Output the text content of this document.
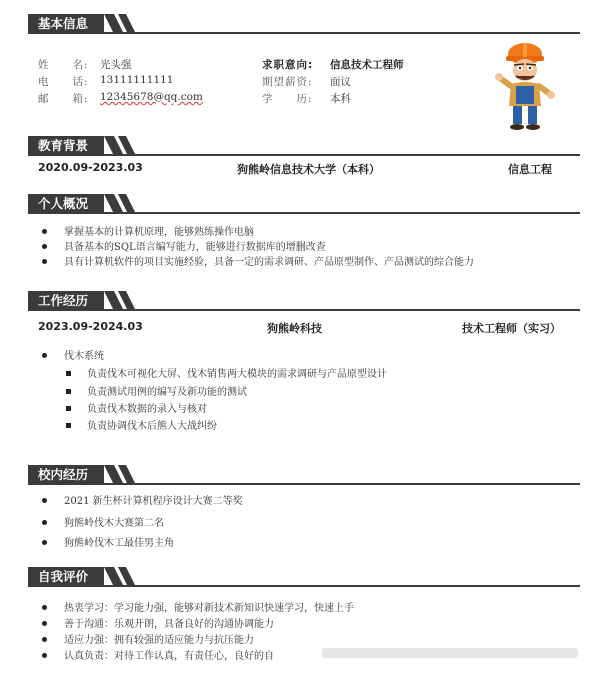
基本信息
姓　　名: 光头强
电　　话: 13111111111
邮　　箱: 12345678@qq.com
求职意向: 信息技术工程师
期望薪资: 面议
学　　历: 本科
教育背景
2020.09-2023.03	狗熊岭信息技术大学（本科）	信息工程
个人概况
掌握基本的计算机原理，能够熟练操作电脑
具备基本的SQL语言编写能力，能够进行数据库的增删改查
具有计算机软件的项目实施经验，具备一定的需求调研、产品原型制作、产品测试的综合能力
工作经历
2023.09-2024.03	狗熊岭科技	技术工程师（实习）
伐木系统
负责伐木可视化大屏、伐木销售两大模块的需求调研与产品原型设计
负责测试用例的编写及新功能的测试
负责伐木数据的录入与核对
负责协调伐木后熊人大战纠纷
校内经历
2021 新生杯计算机程序设计大赛二等奖
狗熊岭伐木大赛第二名
狗熊岭伐木工最佳男主角
自我评价
热衷学习：学习能力强，能够对新技术新知识快速学习，快速上手
善于沟通：乐观开朗，具备良好的沟通协调能力
适应力强：拥有较强的适应能力与抗压能力
认真负责：对待工作认真，有责任心，良好的自
